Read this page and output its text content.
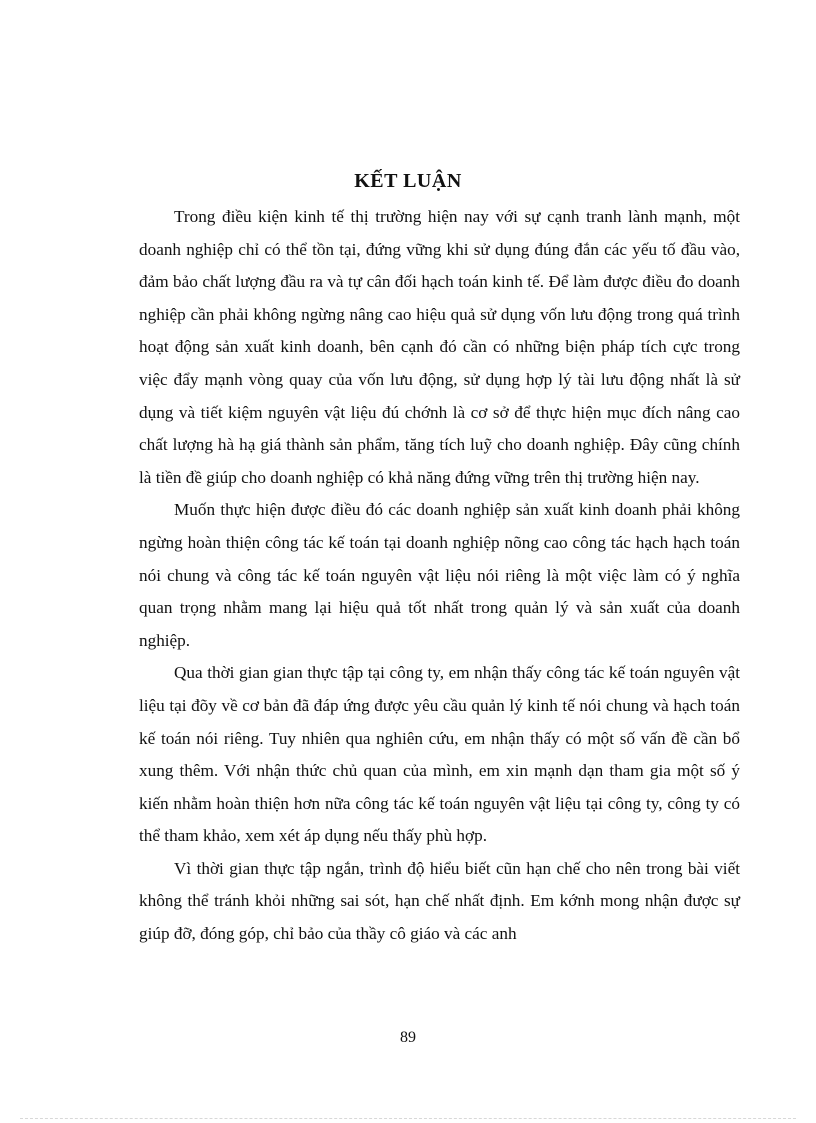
KẾT LUẬN

Trong điều kiện kinh tế thị trường hiện nay với sự cạnh tranh lành mạnh, một doanh nghiệp chỉ có thể tồn tại, đứng vững khi sử dụng đúng đắn các yếu tố đầu vào, đảm bảo chất lượng đầu ra và tự cân đối hạch toán kinh tế. Để làm được điều đo doanh nghiệp cần phải không ngừng nâng cao hiệu quả sử dụng vốn lưu động trong quá trình hoạt động sản xuất kinh doanh, bên cạnh đó cần có những biện pháp tích cực trong việc đẩy mạnh vòng quay của vốn lưu động, sử dụng hợp lý tài lưu động nhất là sử dụng và tiết kiệm nguyên vật liệu đú chớnh là cơ sở để thực hiện mục đích nâng cao chất lượng hà hạ giá thành sản phẩm, tăng tích luỹ cho doanh nghiệp. Đây cũng chính là tiền đề giúp cho doanh nghiệp có khả năng đứng vững trên thị trường hiện nay.

Muốn thực hiện được điều đó các doanh nghiệp sản xuất kinh doanh phải không ngừng hoàn thiện công tác kế toán tại doanh nghiệp nõng cao công tác hạch hạch toán nói chung và công tác kế toán nguyên vật liệu nói riêng là một việc làm có ý nghĩa quan trọng nhằm mang lại hiệu quả tốt nhất trong quản lý và sản xuất của doanh nghiệp.

Qua thời gian gian thực tập tại công ty, em nhận thấy công tác kế toán nguyên vật liệu tại đõy về cơ bản đã đáp ứng được yêu cầu quản lý kinh tế nói chung và hạch toán kế toán nói riêng. Tuy nhiên qua nghiên cứu, em nhận thấy có một số vấn đề cần bổ xung thêm. Với nhận thức chủ quan của mình, em xin mạnh dạn tham gia một số ý kiến nhằm hoàn thiện hơn nữa công tác kế toán nguyên vật liệu tại công ty, công ty có thể tham khảo, xem xét áp dụng nếu thấy phù hợp.

Vì thời gian thực tập ngắn, trình độ hiểu biết cũn hạn chế cho nên trong bài viết không thể tránh khỏi những sai sót, hạn chế nhất định. Em kớnh mong nhận được sự giúp đỡ, đóng góp, chỉ bảo của thầy cô giáo và các anh

89
